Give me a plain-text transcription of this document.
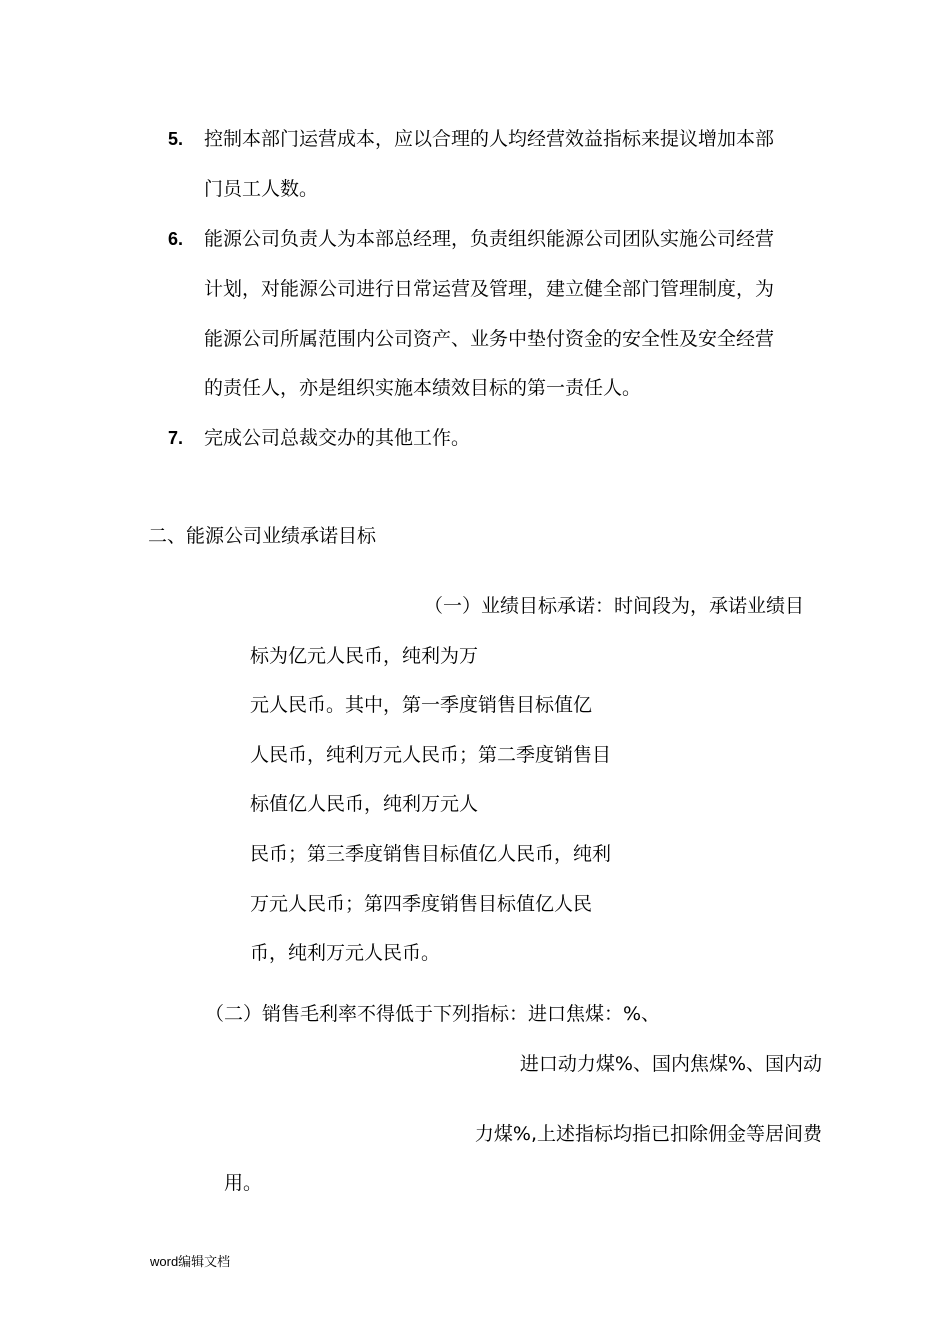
5. 控制本部门运营成本，应以合理的人均经营效益指标来提议增加本部
门员工人数。
6. 能源公司负责人为本部总经理，负责组织能源公司团队实施公司经营
计划，对能源公司进行日常运营及管理，建立健全部门管理制度，为
能源公司所属范围内公司资产、业务中垫付资金的安全性及安全经营
的责任人，亦是组织实施本绩效目标的第一责任人。
7. 完成公司总裁交办的其他工作。
二、能源公司业绩承诺目标
（一）业绩目标承诺：时间段为，承诺业绩目
标为亿元人民币，纯利为万
元人民币。其中，第一季度销售目标值亿
人民币，纯利万元人民币；第二季度销售目
标值亿人民币，纯利万元人
民币；第三季度销售目标值亿人民币，纯利
万元人民币；第四季度销售目标值亿人民
币，纯利万元人民币。
（二）销售毛利率不得低于下列指标：进口焦煤：%、
进口动力煤%、国内焦煤%、国内动
力煤%,上述指标均指已扣除佣金等居间费
用。
word编辑文档
